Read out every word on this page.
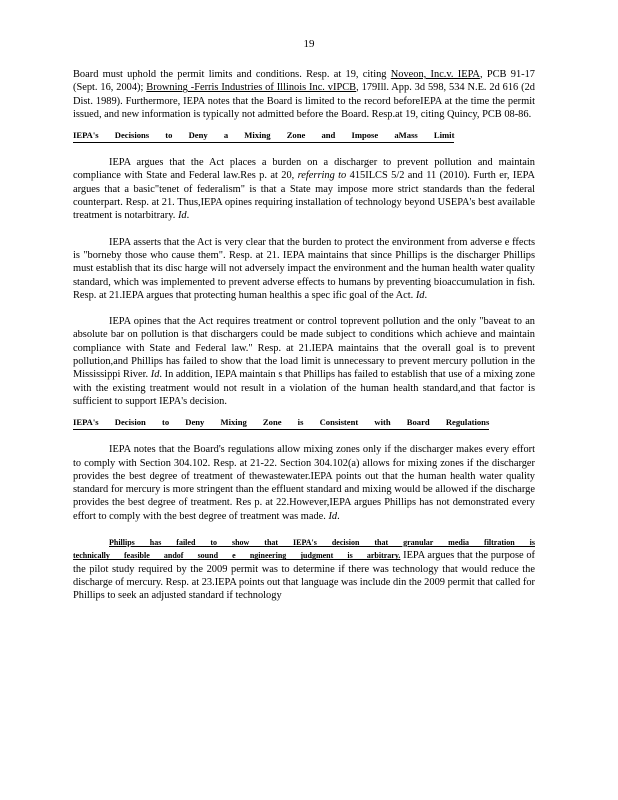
19

Board must uphold the permit limits and conditions. Resp. at 19, citing Noveon, Inc.v. IEPA, PCB 91-17 (Sept. 16, 2004); Browning -Ferris Industries of Illinois Inc. vIPCB, 179Ill. App. 3d 598, 534 N.E. 2d 616 (2d Dist. 1989). Furthermore, IEPA notes that the Board is limited to the record beforeIEPA at the time the permit issued, and new information is typically not admitted before the Board. Resp.at 19, citing Quincy, PCB 08-86.

IEPA's Decisions to Deny a Mixing Zone and Impose aMass Limit

IEPA argues that the Act places a burden on a discharger to prevent pollution and maintain compliance with State and Federal law.Res p. at 20, referring to 415ILCS 5/2 and 11 (2010). Furth er, IEPA argues that a basic"tenet of federalism" is that a State may impose more strict standards than the federal counterpart. Resp. at 21. Thus,IEPA opines requiring installation of technology beyond USEPA's best available treatment is notarbitrary. Id.

IEPA asserts that the Act is very clear that the burden to protect the environment from adverse e ffects is "borneby those who cause them". Resp. at 21. IEPA maintains that since Phillips is the discharger Phillips must establish that its disc harge will not adversely impact the environment and the human health water quality standard, which was implemented to prevent adverse effects to humans by preventing bioaccumulation in fish. Resp. at 21.IEPA argues that protecting human healthis a spec ific goal of the Act. Id.

IEPA opines that the Act requires treatment or control toprevent pollution and the only "baveat to an absolute bar on pollution is that dischargers could be made subject to conditions which achieve and maintain compliance with State and Federal law." Resp. at 21.IEPA maintains that the overall goal is to prevent pollution,and Phillips has failed to show that the load limit is unnecessary to prevent mercury pollution in the Mississippi River. Id. In addition, IEPA maintain s that Phillips has failed to establish that use of a mixing zone with the existing treatment would not result in a violation of the human health standard,and that factor is sufficient to support IEPA's decision.

IEPA's Decision to Deny Mixing Zone is Consistent with Board Regulations

IEPA notes that the Board's regulations allow mixing zones only if the discharger makes every effort to comply with Section 304.102. Resp. at 21-22. Section 304.102(a) allows for mixing zones if the discharger provides the best degree of treatment of thewastewater.IEPA points out that the human health water quality standard for mercury is more stringent than the effluent standard and mixing would be allowed if the discharge provides the best degree of treatment. Res p. at 22.However,IEPA argues Phillips has not demonstrated every effort to comply with the best degree of treatment was made. Id.

Phillips has failed to show that IEPA's decision that granular media filtration is technically feasible andof sound e ngineering judgment is arbitrary. IEPA argues that the purpose of the pilot study required by the 2009 permit was to determine if there was technology that would reduce the discharge of mercury. Resp. at 23.IEPA points out that language was include din the 2009 permit that called for Phillips to seek an adjusted standard if technology
